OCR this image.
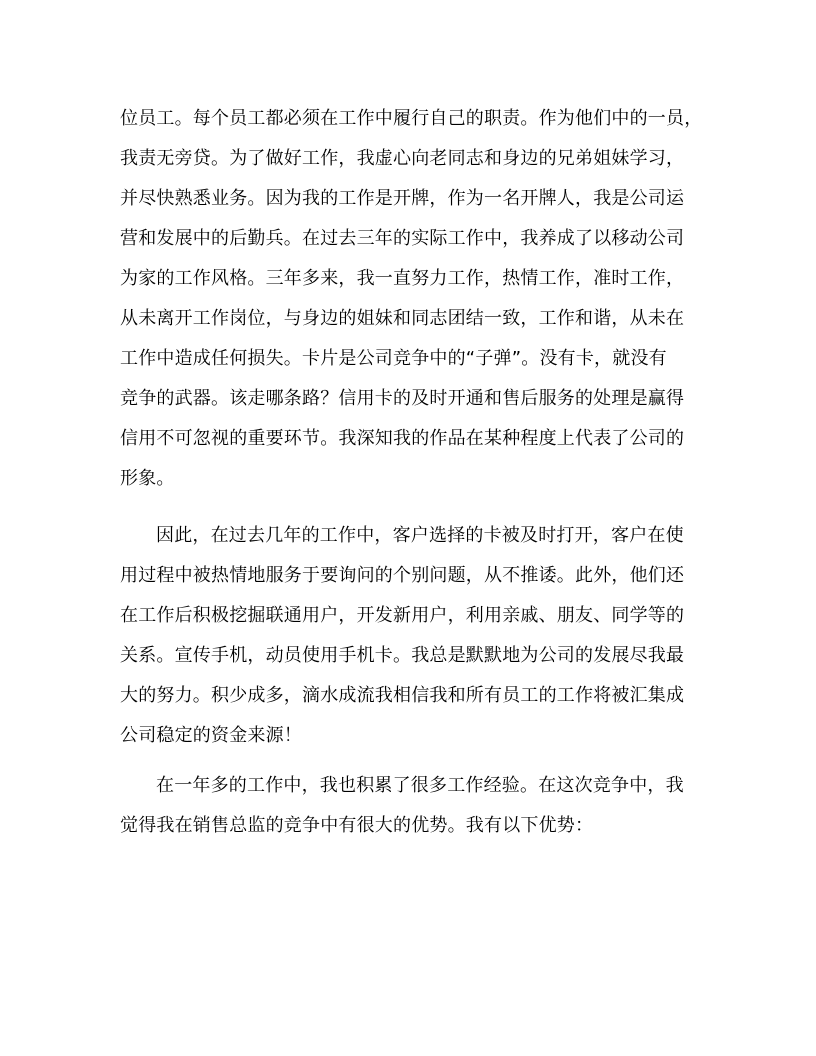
位员工。每个员工都必须在工作中履行自己的职责。作为他们中的一员，
我责无旁贷。为了做好工作，我虚心向老同志和身边的兄弟姐妹学习，
并尽快熟悉业务。因为我的工作是开牌，作为一名开牌人，我是公司运
营和发展中的后勤兵。在过去三年的实际工作中，我养成了以移动公司
为家的工作风格。三年多来，我一直努力工作，热情工作，准时工作，
从未离开工作岗位，与身边的姐妹和同志团结一致，工作和谐，从未在
工作中造成任何损失。卡片是公司竞争中的“子弹”。没有卡，就没有
竞争的武器。该走哪条路？信用卡的及时开通和售后服务的处理是赢得
信用不可忽视的重要环节。我深知我的作品在某种程度上代表了公司的
形象。
因此，在过去几年的工作中，客户选择的卡被及时打开，客户在使
用过程中被热情地服务于要询问的个别问题，从不推诿。此外，他们还
在工作后积极挖掘联通用户，开发新用户，利用亲戚、朋友、同学等的
关系。宣传手机，动员使用手机卡。我总是默默地为公司的发展尽我最
大的努力。积少成多，滴水成流我相信我和所有员工的工作将被汇集成
公司稳定的资金来源！
在一年多的工作中，我也积累了很多工作经验。在这次竞争中，我
觉得我在销售总监的竞争中有很大的优势。我有以下优势：
